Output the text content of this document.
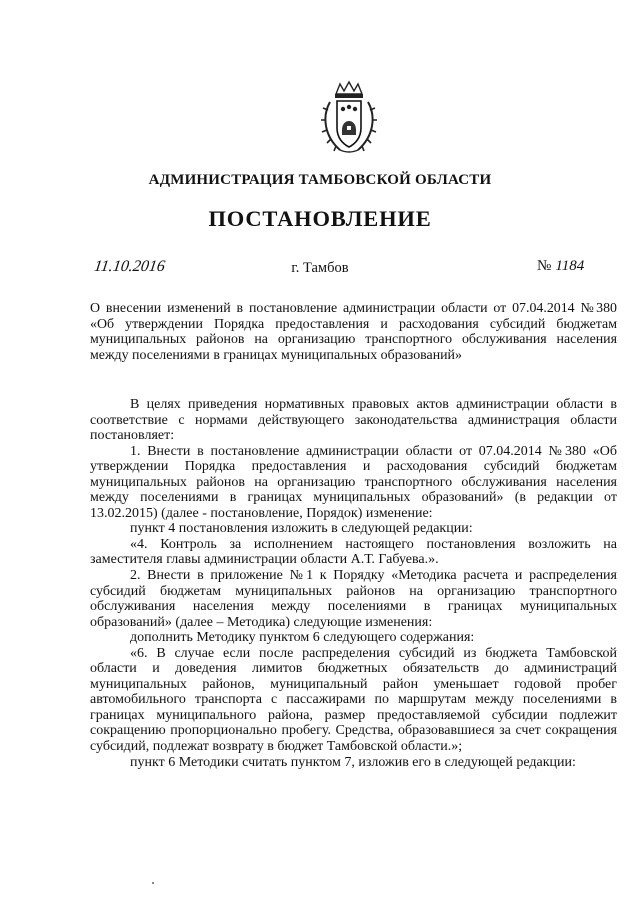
АДМИНИСТРАЦИЯ ТАМБОВСКОЙ ОБЛАСТИ
ПОСТАНОВЛЕНИЕ
11.10.2016	г. Тамбов	№ 1184
О внесении изменений в постановление администрации области от 07.04.2014 №380 «Об утверждении Порядка предоставления и расходования субсидий бюджетам муниципальных районов на организацию транспортного обслуживания населения между поселениями в границах муниципальных образований»

В целях приведения нормативных правовых актов администрации области в соответствие с нормами действующего законодательства администрация области постановляет:

1. Внести в постановление администрации области от 07.04.2014 №380 «Об утверждении Порядка предоставления и расходования субсидий бюджетам муниципальных районов на организацию транспортного обслуживания населения между поселениями в границах муниципальных образований» (в редакции от 13.02.2015) (далее - постановление, Порядок) изменение:

пункт 4 постановления изложить в следующей редакции:

«4. Контроль за исполнением настоящего постановления возложить на заместителя главы администрации области А.Т. Габуева.».

2. Внести в приложение №1 к Порядку «Методика расчета и распределения субсидий бюджетам муниципальных районов на организацию транспортного обслуживания населения между поселениями в границах муниципальных образований» (далее – Методика) следующие изменения:

дополнить Методику пунктом 6 следующего содержания:

«6. В случае если после распределения субсидий из бюджета Тамбовской области и доведения лимитов бюджетных обязательств до администраций муниципальных районов, муниципальный район уменьшает годовой пробег автомобильного транспорта с пассажирами по маршрутам между поселениями в границах муниципального района, размер предоставляемой субсидии подлежит сокращению пропорционально пробегу. Средства, образовавшиеся за счет сокращения субсидий, подлежат возврату в бюджет Тамбовской области.»;

пункт 6 Методики считать пунктом 7, изложив его в следующей редакции:
